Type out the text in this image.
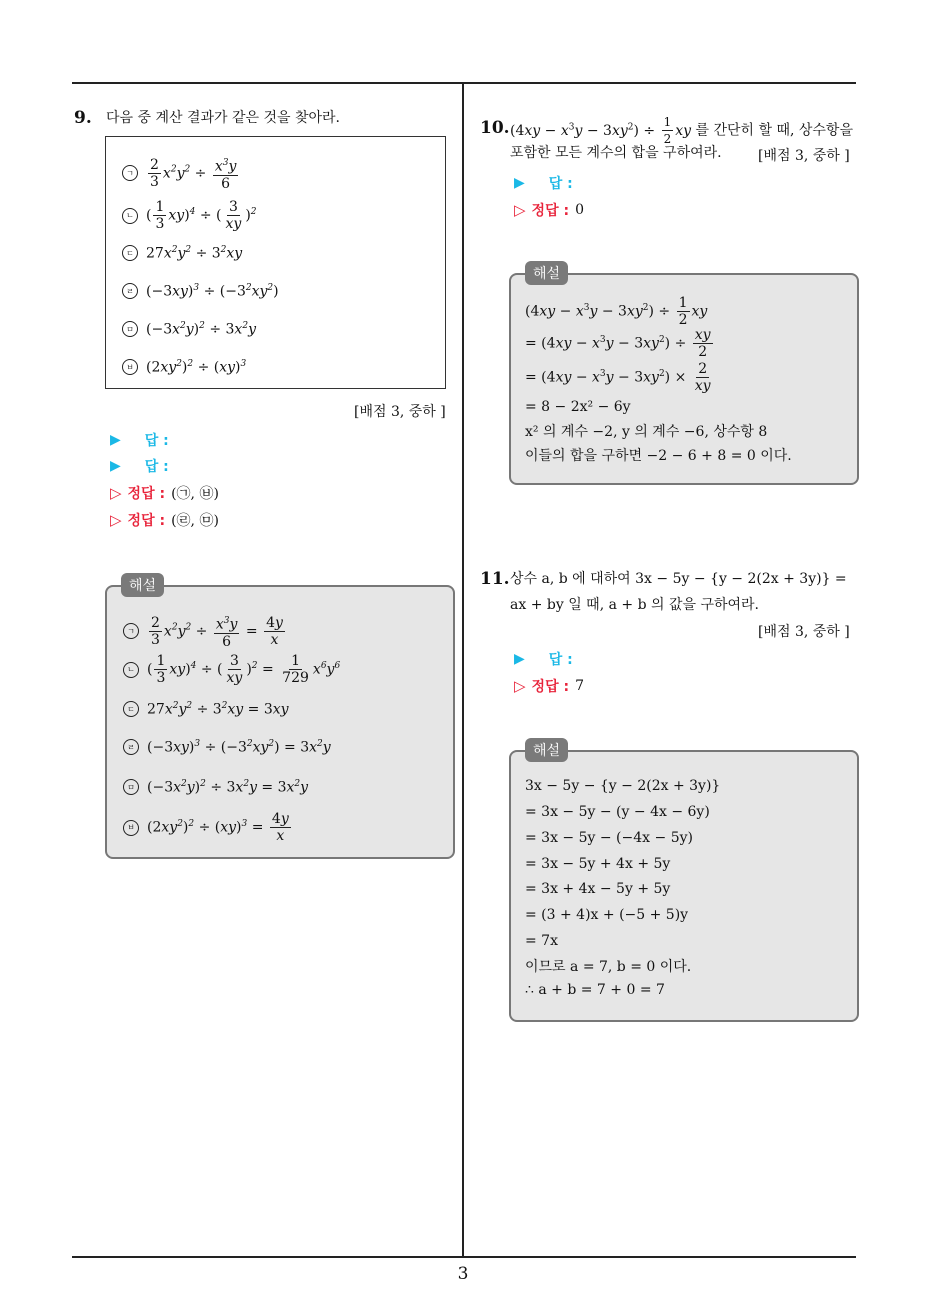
3
9. 다음 중 계산 결과가 같은 것을 찾아라.
ㄱ $\frac{2}{3} x^2y^2 \div \frac{x^3y}{6}$
ㄴ ( $\frac{1}{3} xy)^4$ ÷ ( $\frac{3}{xy} )^2$
ㄷ $27x^2y^2 \div 3^2xy$
ㄹ $(-3xy)^3 \div (-3^2xy^2)$
ㅁ $(-3x^2y)^2 \div 3x^2y$
ㅂ $(2xy^2)^2 \div (xy)^3$
[배점 3, 중하 ]
▶ 답 :
▶ 답 :
▷ 정답 : (㉠, ㉥)
▷ 정답 : (㉣, ㉤)
ㄱ $\frac{2}{3} x^2y^2 \div \frac{x^3y}{6} = \frac{4y}{x}$
ㄴ ( $\frac{1}{3} xy)^4$ ÷ ( $\frac{3}{xy} )^2 = \frac{1}{729} x^6y^6$
ㄷ $27x^2y^2 \div 3^2xy = 3xy$
ㄹ $(-3xy)^3 \div (-3^2xy^2) = 3x^2y$
ㅁ $(-3x^2y)^2 \div 3x^2y = 3x^2y$
ㅂ $(2xy^2)^2 \div (xy)^3 = \frac{4y}{x}$
해설
10. $(4xy - x^3y - 3xy^2) \div \frac{1}{2}$ xy 를 간단히 할 때, 상수항을
포함한 모든 계수의 합을 구하여라.	[배점 3, 중하 ]
▶ 답 :
▷ 정답 : 0
$(4xy - x^3y - 3xy^2) \div \frac{1}{2}$ xy
= $(4xy - x^3y - 3xy^2) \div \frac{xy}{2}$
= $(4xy - x^3y - 3xy^2) \times \frac{2}{xy}$
= 8 − 2x² − 6y
x² 의 계수 −2, y 의 계수 −6, 상수항 8
이들의 합을 구하면 −2 − 6 + 8 = 0 이다.
해설
11. 상수 a, b 에 대하여 3x − 5y − {y − 2(2x + 3y)} =
ax + by 일 때, a + b 의 값을 구하여라.
[배점 3, 중하 ]
▶ 답 :
▷ 정답 : 7
3x − 5y − {y − 2(2x + 3y)}
= 3x − 5y − (y − 4x − 6y)
= 3x − 5y − (−4x − 5y)
= 3x − 5y + 4x + 5y
= 3x + 4x − 5y + 5y
= (3 + 4)x + (−5 + 5)y
= 7x
이므로 a = 7, b = 0 이다.
∴ a + b = 7 + 0 = 7
해설
